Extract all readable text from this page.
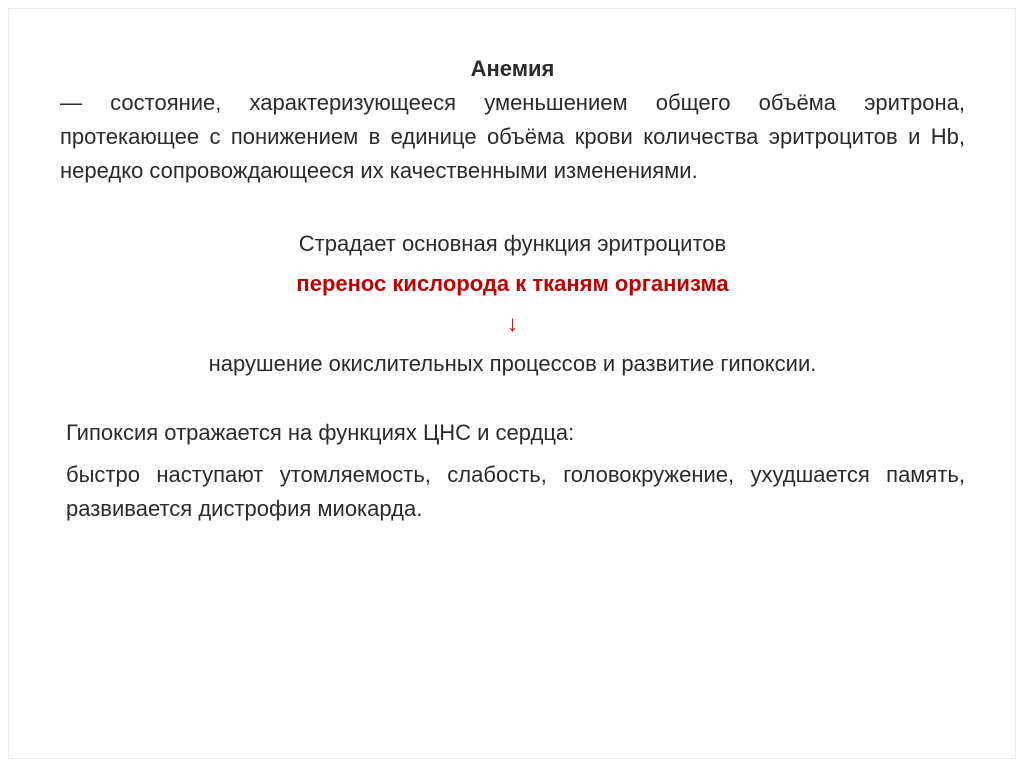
Анемия

— состояние, характеризующееся уменьшением общего объёма эритрона, протекающее с понижением в единице объёма крови количества эритроцитов и Hb, нередко сопровождающееся их качественными изменениями.

Страдает основная функция эритроцитов

перенос кислорода к тканям организма

↓

нарушение окислительных процессов и развитие гипоксии.

Гипоксия отражается на функциях ЦНС и сердца:

быстро наступают утомляемость, слабость, головокружение, ухудшается память, развивается дистрофия миокарда.
